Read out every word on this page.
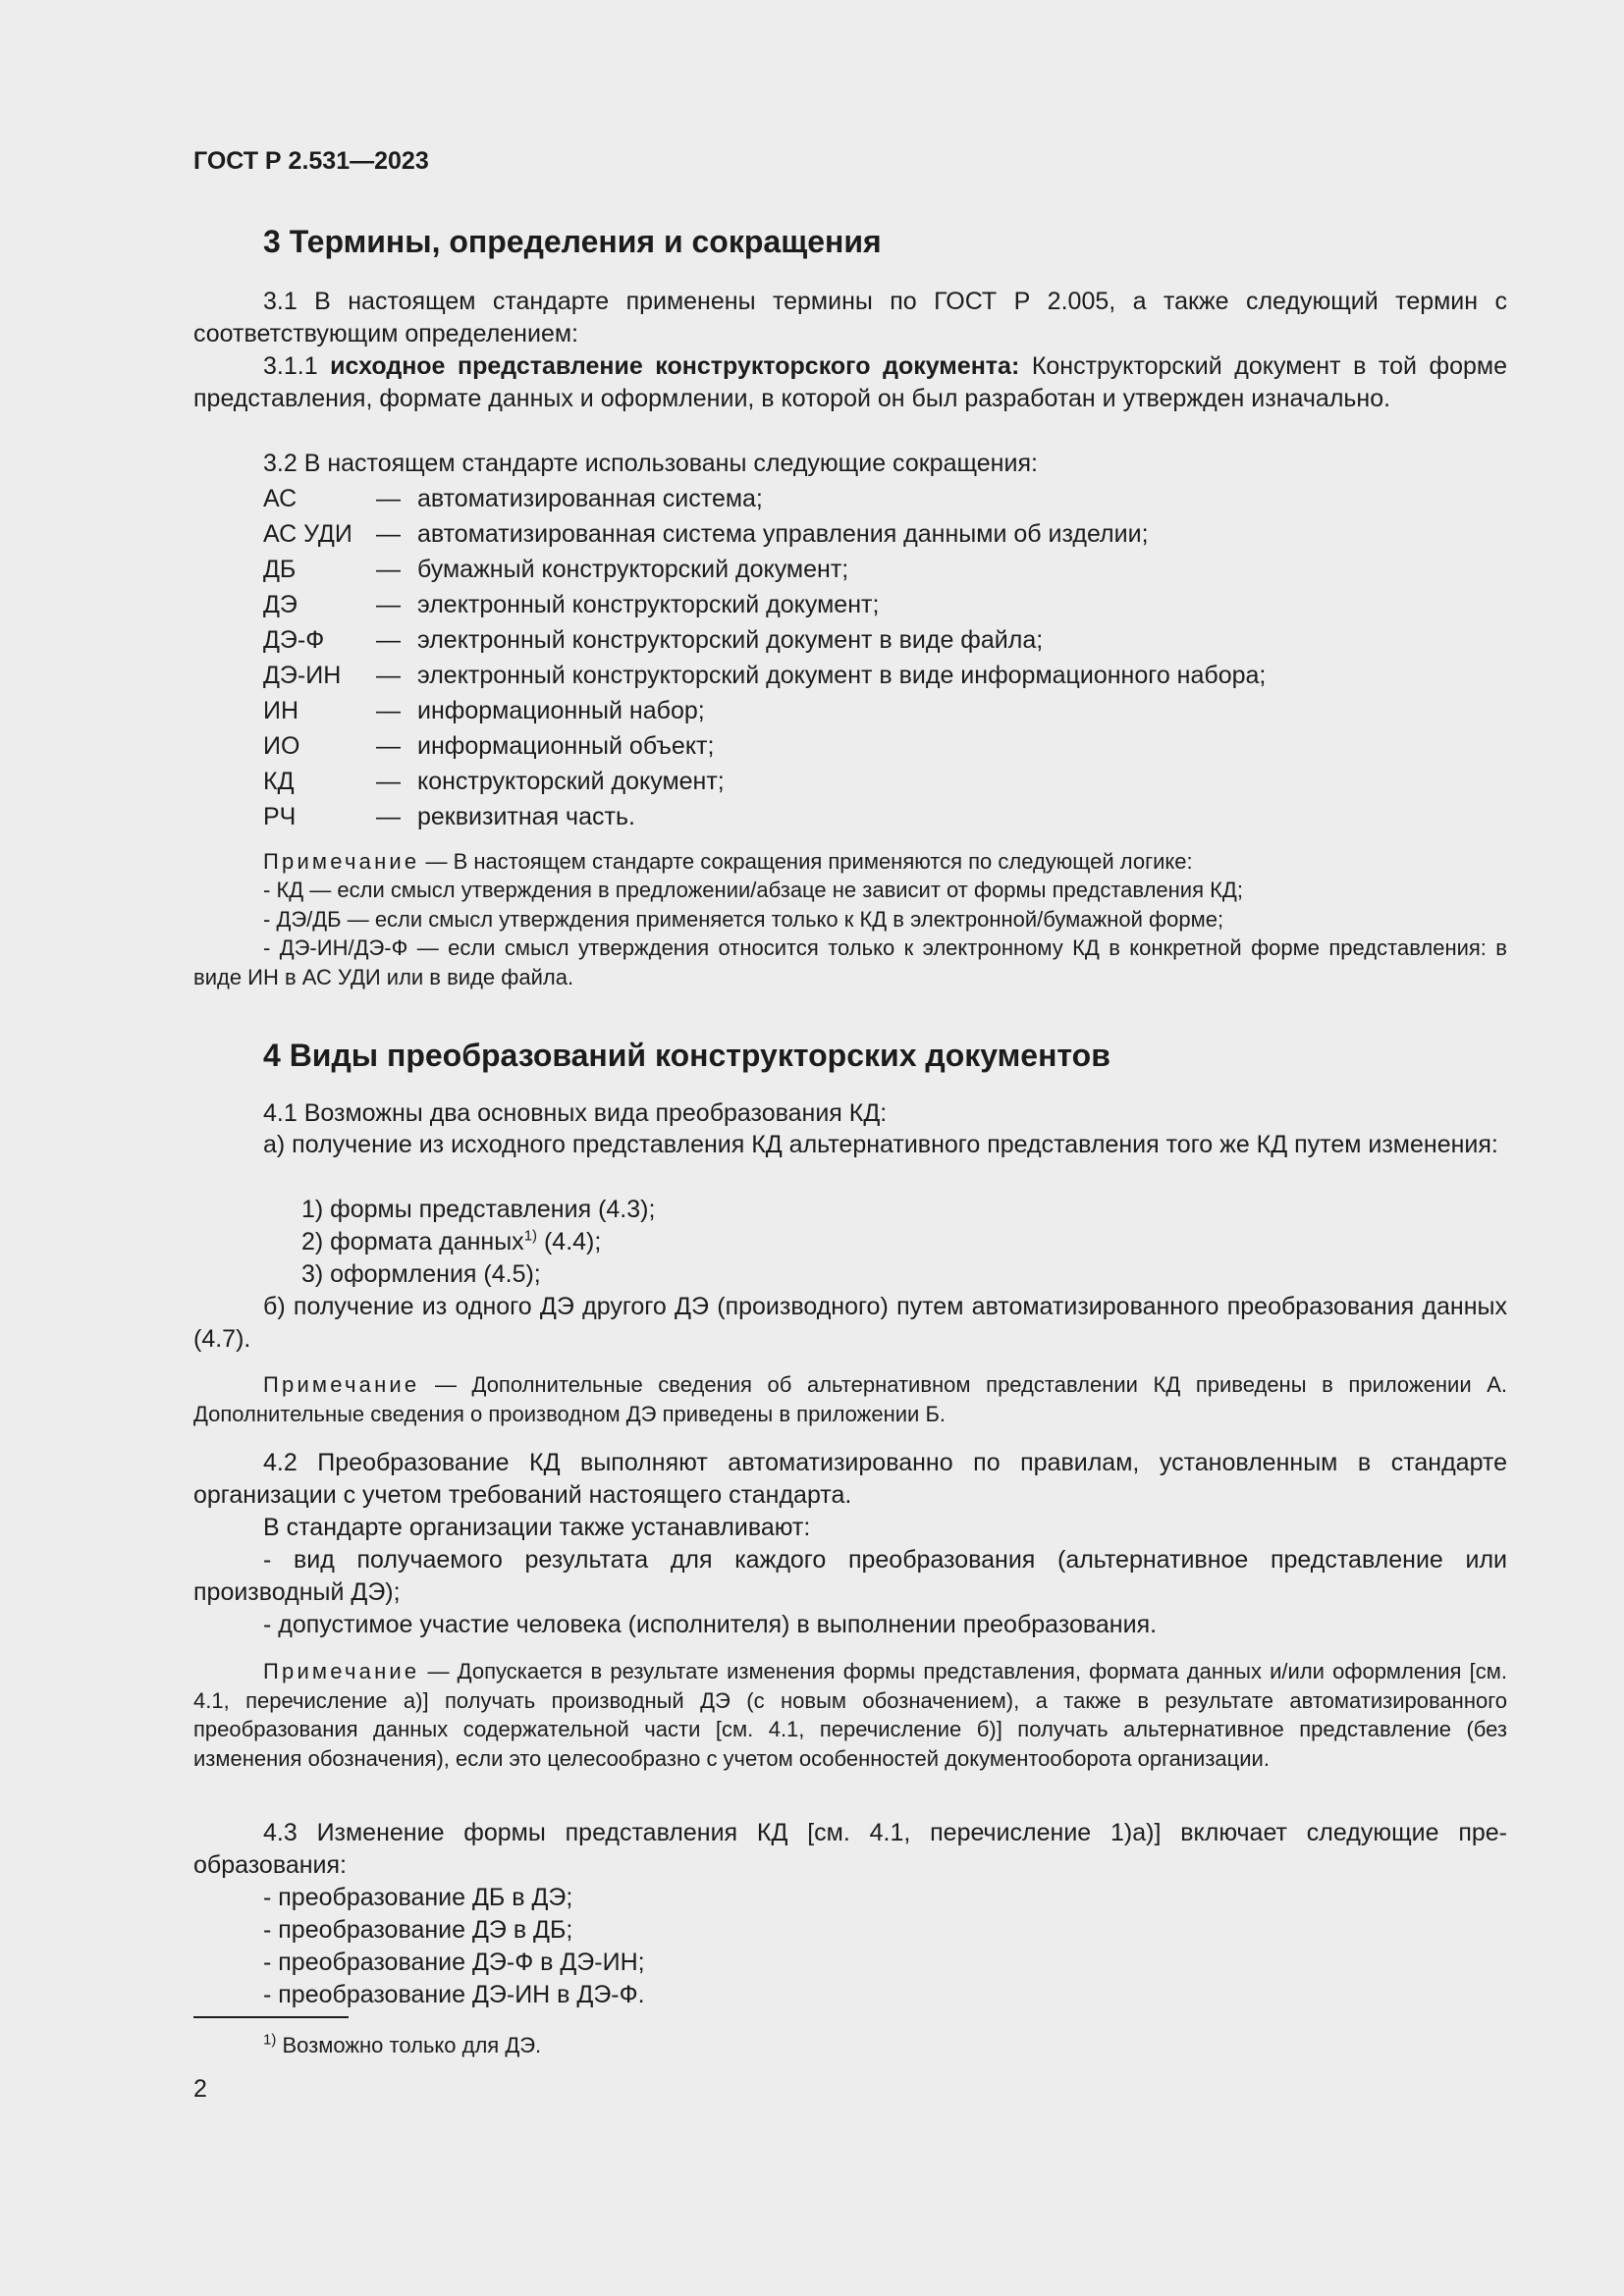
ГОСТ Р 2.531—2023
3 Термины, определения и сокращения

3.1 В настоящем стандарте применены термины по ГОСТ Р 2.005, а также следующий термин с соответствующим определением:

3.1.1 исходное представление конструкторского документа: Конструкторский документ в той форме представления, формате данных и оформлении, в которой он был разработан и утвержден изначально.

3.2 В настоящем стандарте использованы следующие сокращения:

АС	— автоматизированная система;
АС УДИ — автоматизированная система управления данными об изделии;
ДБ	— бумажный конструкторский документ;
ДЭ	— электронный конструкторский документ;
ДЭ-Ф	— электронный конструкторский документ в виде файла;
ДЭ-ИН	— электронный конструкторский документ в виде информационного набора;
ИН	— информационный набор;
ИО	— информационный объект;
КД	— конструкторский документ;
РЧ	— реквизитная часть.

Примечание — В настоящем стандарте сокращения применяются по следующей логике:

- КД — если смысл утверждения в предложении/абзаце не зависит от формы представления КД;

- ДЭ/ДБ — если смысл утверждения применяется только к КД в электронной/бумажной форме;

- ДЭ-ИН/ДЭ-Ф — если смысл утверждения относится только к электронному КД в конкретной форме представления: в виде ИН в АС УДИ или в виде файла.

4 Виды преобразований конструкторских документов

4.1 Возможны два основных вида преобразования КД:

а) получение из исходного представления КД альтернативного представления того же КД путем изменения:

1) формы представления (4.3);
2) формата данных$^{1)}$ (4.4);
3) оформления (4.5);

б) получение из одного ДЭ другого ДЭ (производного) путем автоматизированного преобразования данных (4.7).

Примечание — Дополнительные сведения об альтернативном представлении КД приведены в приложении А. Дополнительные сведения о производном ДЭ приведены в приложении Б.

4.2 Преобразование КД выполняют автоматизированно по правилам, установленным в стандарте организации с учетом требований настоящего стандарта.

В стандарте организации также устанавливают:

- вид получаемого результата для каждого преобразования (альтернативное представление или производный ДЭ);

- допустимое участие человека (исполнителя) в выполнении преобразования.

Примечание — Допускается в результате изменения формы представления, формата данных и/или оформления [см. 4.1, перечисление а)] получать производный ДЭ (с новым обозначением), а также в результате автоматизированного преобразования данных содержательной части [см. 4.1, перечисление б)] получать альтернативное представление (без изменения обозначения), если это целесообразно с учетом особенностей документооборота организации.

4.3 Изменение формы представления КД [см. 4.1, перечисление 1)а)] включает следующие преобразования:

- преобразование ДБ в ДЭ;
- преобразование ДЭ в ДБ;
- преобразование ДЭ-Ф в ДЭ-ИН;
- преобразование ДЭ-ИН в ДЭ-Ф.
$^{1)}$ Возможно только для ДЭ.
2
